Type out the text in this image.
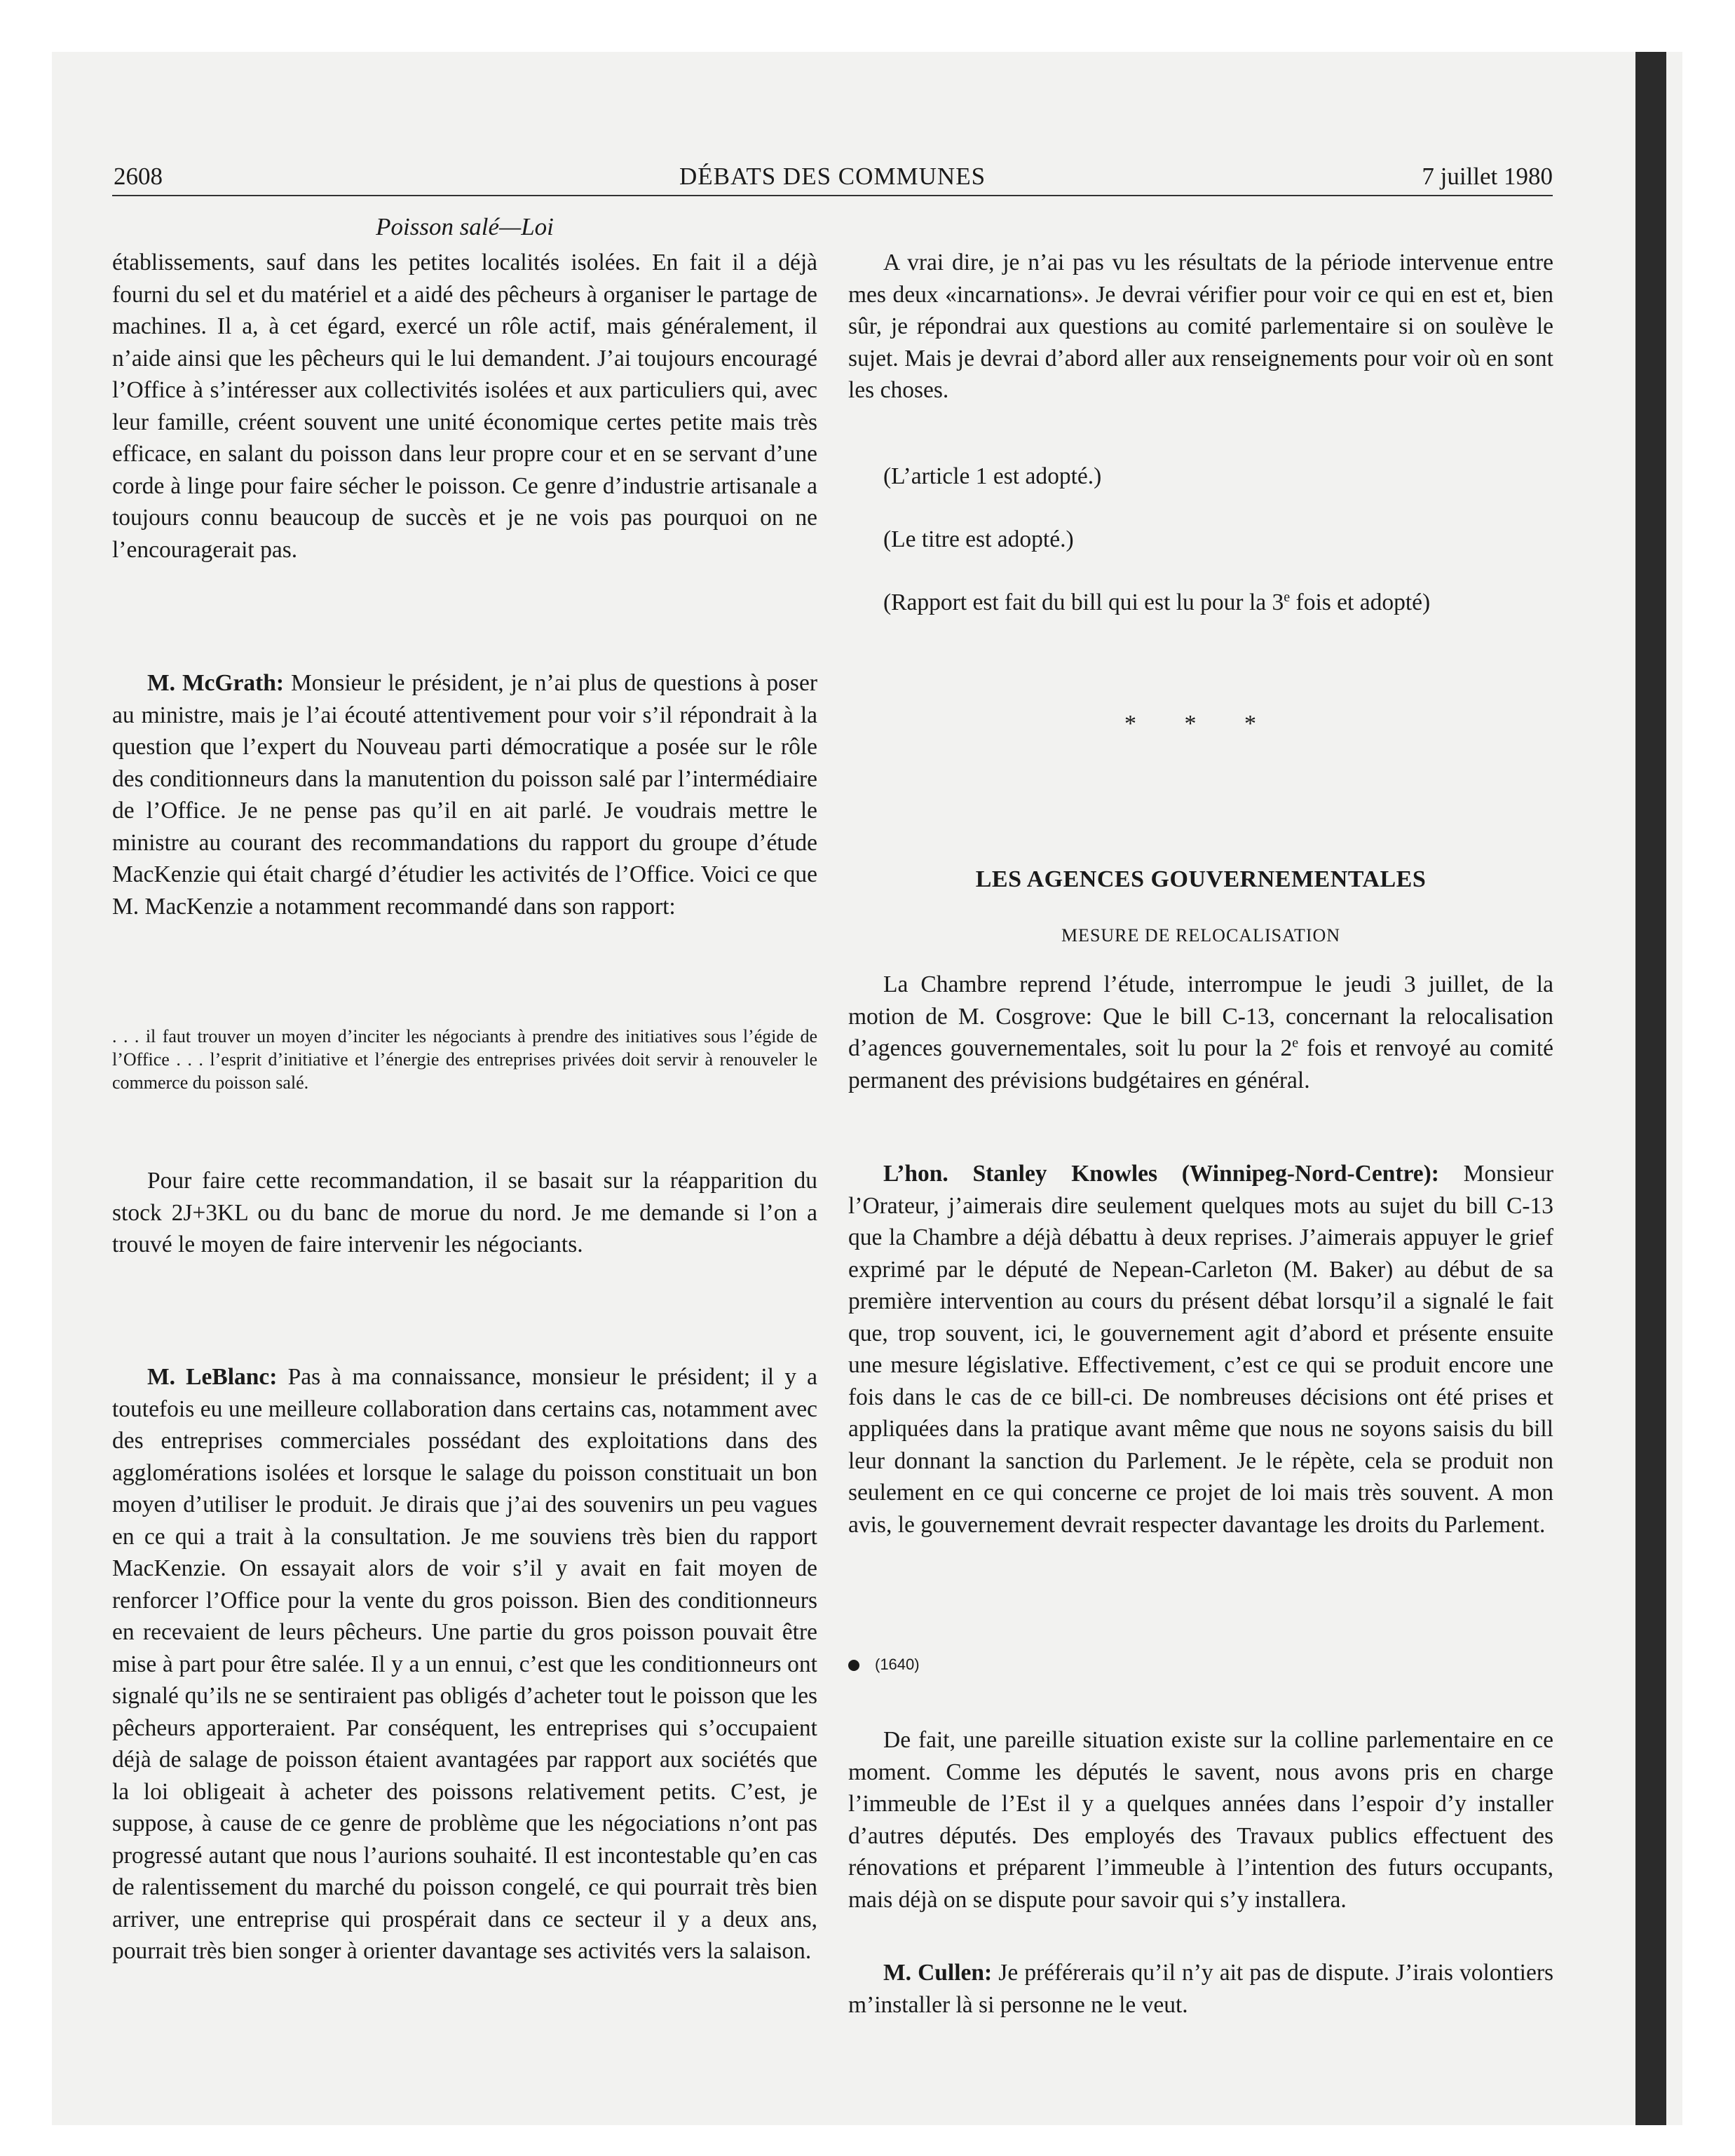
2608	DÉBATS DES COMMUNES	7 juillet 1980
Poisson salé—Loi

établissements, sauf dans les petites localités isolées. En fait il a déjà fourni du sel et du matériel et a aidé des pêcheurs à organiser le partage de machines. Il a, à cet égard, exercé un rôle actif, mais généralement, il n’aide ainsi que les pêcheurs qui le lui demandent. J’ai toujours encouragé l’Office à s’intéresser aux collectivités isolées et aux particuliers qui, avec leur famille, créent souvent une unité économique certes petite mais très efficace, en salant du poisson dans leur propre cour et en se servant d’une corde à linge pour faire sécher le poisson. Ce genre d’industrie artisanale a toujours connu beaucoup de succès et je ne vois pas pourquoi on ne l’encouragerait pas.

M. McGrath: Monsieur le président, je n’ai plus de questions à poser au ministre, mais je l’ai écouté attentivement pour voir s’il répondrait à la question que l’expert du Nouveau parti démocratique a posée sur le rôle des conditionneurs dans la manutention du poisson salé par l’intermédiaire de l’Office. Je ne pense pas qu’il en ait parlé. Je voudrais mettre le ministre au courant des recommandations du rapport du groupe d’étude MacKenzie qui était chargé d’étudier les activités de l’Office. Voici ce que M. MacKenzie a notamment recommandé dans son rapport:

. . . il faut trouver un moyen d’inciter les négociants à prendre des initiatives sous l’égide de l’Office . . . l’esprit d’initiative et l’énergie des entreprises privées doit servir à renouveler le commerce du poisson salé.

Pour faire cette recommandation, il se basait sur la réapparition du stock 2J+3KL ou du banc de morue du nord. Je me demande si l’on a trouvé le moyen de faire intervenir les négociants.

M. LeBlanc: Pas à ma connaissance, monsieur le président; il y a toutefois eu une meilleure collaboration dans certains cas, notamment avec des entreprises commerciales possédant des exploitations dans des agglomérations isolées et lorsque le salage du poisson constituait un bon moyen d’utiliser le produit. Je dirais que j’ai des souvenirs un peu vagues en ce qui a trait à la consultation. Je me souviens très bien du rapport MacKenzie. On essayait alors de voir s’il y avait en fait moyen de renforcer l’Office pour la vente du gros poisson. Bien des conditionneurs en recevaient de leurs pêcheurs. Une partie du gros poisson pouvait être mise à part pour être salée. Il y a un ennui, c’est que les conditionneurs ont signalé qu’ils ne se sentiraient pas obligés d’acheter tout le poisson que les pêcheurs apporteraient. Par conséquent, les entreprises qui s’occupaient déjà de salage de poisson étaient avantagées par rapport aux sociétés que la loi obligeait à acheter des poissons relativement petits. C’est, je suppose, à cause de ce genre de problème que les négociations n’ont pas progressé autant que nous l’aurions souhaité. Il est incontestable qu’en cas de ralentissement du marché du poisson congelé, ce qui pourrait très bien arriver, une entreprise qui prospérait dans ce secteur il y a deux ans, pourrait très bien songer à orienter davantage ses activités vers la salaison.

A vrai dire, je n’ai pas vu les résultats de la période intervenue entre mes deux «incarnations». Je devrai vérifier pour voir ce qui en est et, bien sûr, je répondrai aux questions au comité parlementaire si on soulève le sujet. Mais je devrai d’abord aller aux renseignements pour voir où en sont les choses.

(L’article 1 est adopté.)

(Le titre est adopté.)

(Rapport est fait du bill qui est lu pour la 3e fois et adopté)

* * *
LES AGENCES GOUVERNEMENTALES
MESURE DE RELOCALISATION

La Chambre reprend l’étude, interrompue le jeudi 3 juillet, de la motion de M. Cosgrove: Que le bill C-13, concernant la relocalisation d’agences gouvernementales, soit lu pour la 2e fois et renvoyé au comité permanent des prévisions budgétaires en général.

L’hon. Stanley Knowles (Winnipeg-Nord-Centre): Monsieur l’Orateur, j’aimerais dire seulement quelques mots au sujet du bill C-13 que la Chambre a déjà débattu à deux reprises. J’aimerais appuyer le grief exprimé par le député de Nepean-Carleton (M. Baker) au début de sa première intervention au cours du présent débat lorsqu’il a signalé le fait que, trop souvent, ici, le gouvernement agit d’abord et présente ensuite une mesure législative. Effectivement, c’est ce qui se produit encore une fois dans le cas de ce bill-ci. De nombreuses décisions ont été prises et appliquées dans la pratique avant même que nous ne soyons saisis du bill leur donnant la sanction du Parlement. Je le répète, cela se produit non seulement en ce qui concerne ce projet de loi mais très souvent. A mon avis, le gouvernement devrait respecter davantage les droits du Parlement.

(1640)

De fait, une pareille situation existe sur la colline parlementaire en ce moment. Comme les députés le savent, nous avons pris en charge l’immeuble de l’Est il y a quelques années dans l’espoir d’y installer d’autres députés. Des employés des Travaux publics effectuent des rénovations et préparent l’immeuble à l’intention des futurs occupants, mais déjà on se dispute pour savoir qui s’y installera.

M. Cullen: Je préférerais qu’il n’y ait pas de dispute. J’irais volontiers m’installer là si personne ne le veut.
